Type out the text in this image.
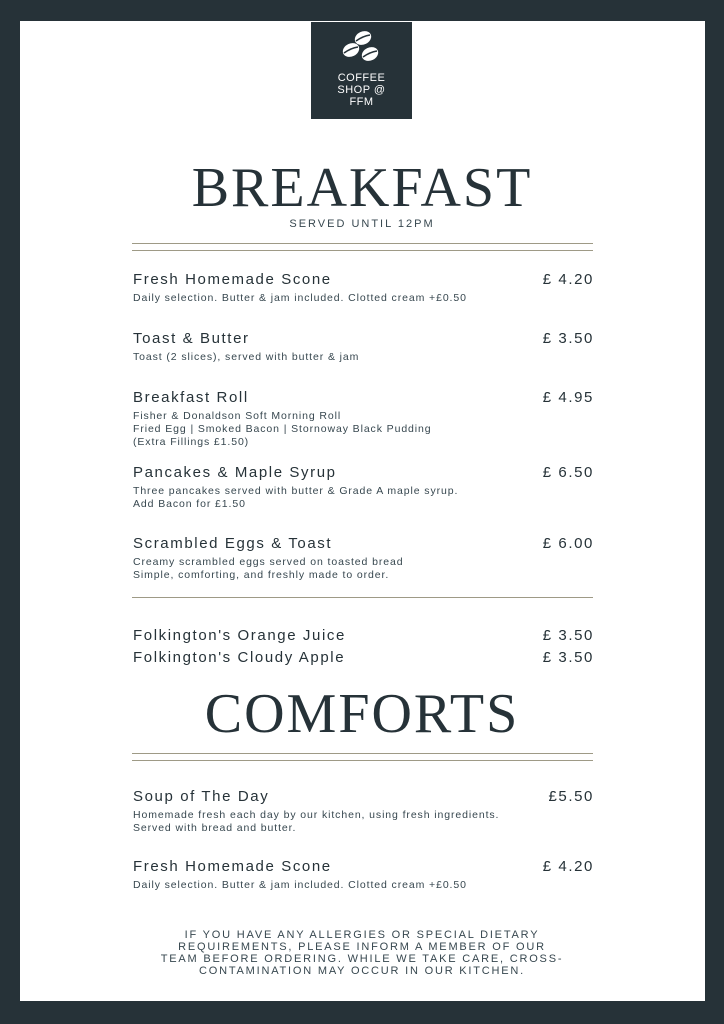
COFFEE
SHOP @
FFM
BREAKFAST
SERVED UNTIL 12PM
Fresh Homemade Scone	£ 4.20
Daily selection. Butter & jam included. Clotted cream +£0.50
Toast & Butter	£ 3.50
Toast (2 slices), served with butter & jam
Breakfast Roll	£ 4.95
Fisher & Donaldson Soft Morning Roll
Fried Egg | Smoked Bacon | Stornoway Black Pudding
(Extra Fillings £1.50)
Pancakes & Maple Syrup	£ 6.50
Three pancakes served with butter & Grade A maple syrup.
Add Bacon for £1.50
Scrambled Eggs & Toast	£ 6.00
Creamy scrambled eggs served on toasted bread
Simple, comforting, and freshly made to order.
Folkington's Orange Juice	£ 3.50
Folkington's Cloudy Apple	£ 3.50
COMFORTS
Soup of The Day	£5.50
Homemade fresh each day by our kitchen, using fresh ingredients.
Served with bread and butter.
Fresh Homemade Scone	£ 4.20
Daily selection. Butter & jam included. Clotted cream +£0.50
IF YOU HAVE ANY ALLERGIES OR SPECIAL DIETARY
REQUIREMENTS, PLEASE INFORM A MEMBER OF OUR
TEAM BEFORE ORDERING. WHILE WE TAKE CARE, CROSS-
CONTAMINATION MAY OCCUR IN OUR KITCHEN.
